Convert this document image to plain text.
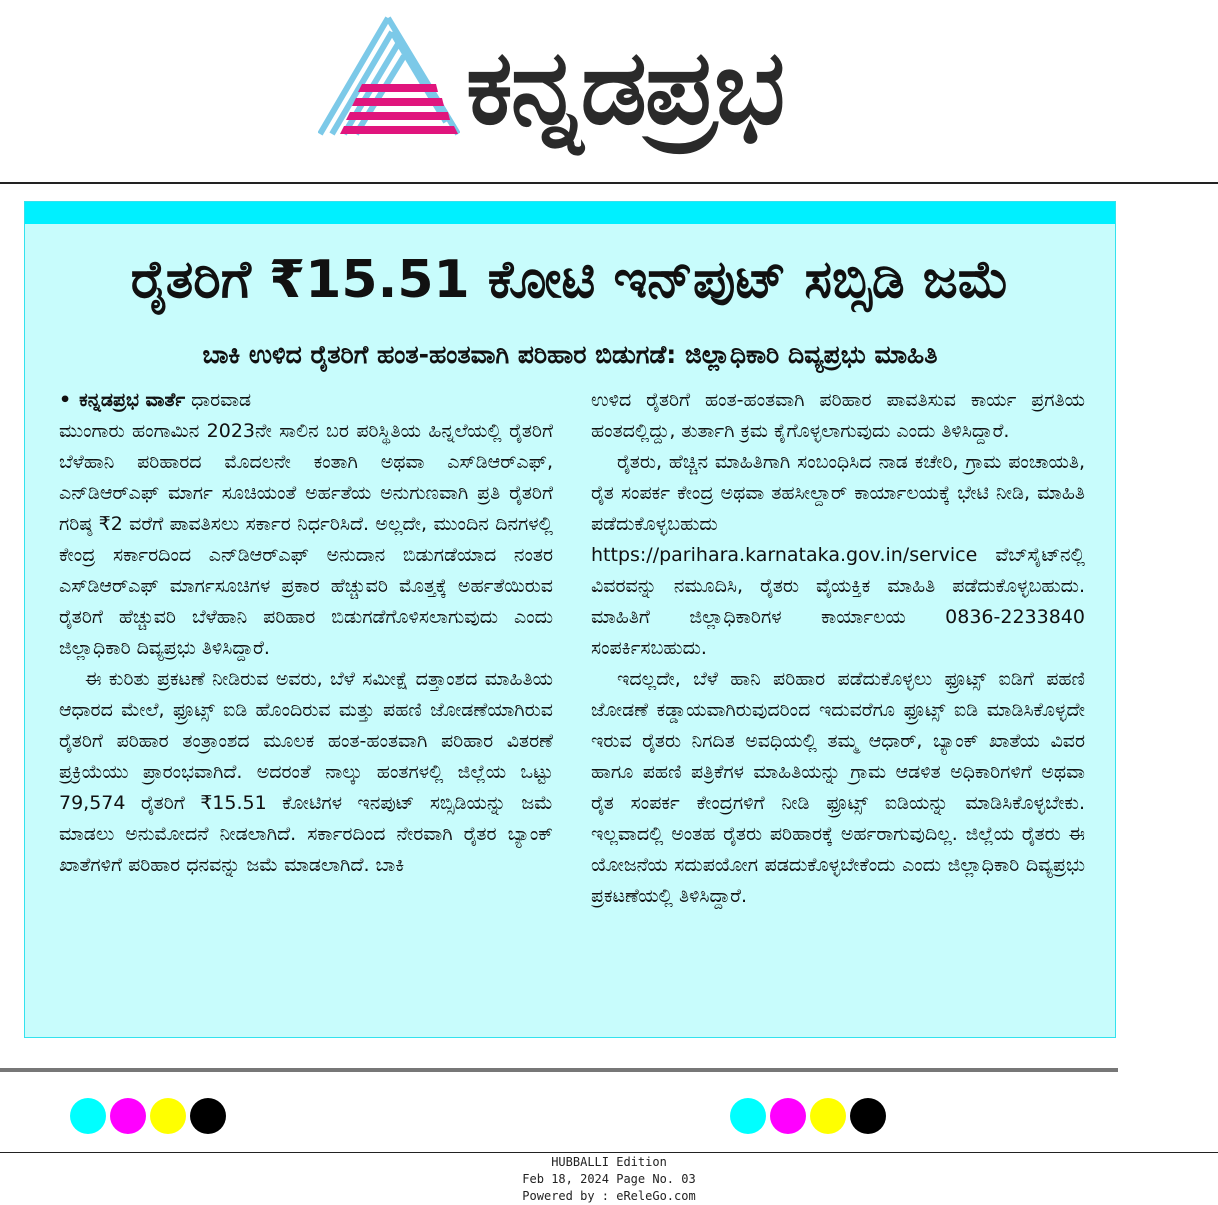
ಕನ್ನಡಪ್ರಭ
ರೈತರಿಗೆ ₹15.51 ಕೋಟಿ ಇನ್‌ಪುಟ್ ಸಬ್ಸಿಡಿ ಜಮೆ
ಬಾಕಿ ಉಳಿದ ರೈತರಿಗೆ ಹಂತ-ಹಂತವಾಗಿ ಪರಿಹಾರ ಬಿಡುಗಡೆ: ಜಿಲ್ಲಾಧಿಕಾರಿ ದಿವ್ಯಪ್ರಭು ಮಾಹಿತಿ
• ಕನ್ನಡಪ್ರಭ ವಾರ್ತೆ ಧಾರವಾಡ

ಮುಂಗಾರು ಹಂಗಾಮಿನ 2023ನೇ ಸಾಲಿನ ಬರ ಪರಿಸ್ಥಿತಿಯ ಹಿನ್ನಲೆಯಲ್ಲಿ ರೈತರಿಗೆ ಬೆಳೆಹಾನಿ ಪರಿಹಾರದ ಮೊದಲನೇ ಕಂತಾಗಿ ಅಥವಾ ಎಸ್‌ಡಿಆರ್‌ಎಫ್, ಎನ್‌ಡಿಆರ್‌ಎಫ್ ಮಾರ್ಗ ಸೂಚಿಯಂತೆ ಅರ್ಹತೆಯ ಅನುಗುಣವಾಗಿ ಪ್ರತಿ ರೈತರಿಗೆ ಗರಿಷ್ಠ ₹2 ವರೆಗೆ ಪಾವತಿಸಲು ಸರ್ಕಾರ ನಿರ್ಧರಿಸಿದೆ. ಅಲ್ಲದೇ, ಮುಂದಿನ ದಿನಗಳಲ್ಲಿ ಕೇಂದ್ರ ಸರ್ಕಾರದಿಂದ ಎನ್‌ಡಿಆರ್‌ಎಫ್ ಅನುದಾನ ಬಿಡುಗಡೆಯಾದ ನಂತರ ಎಸ್‌ಡಿಆರ್‌ಎಫ್ ಮಾರ್ಗಸೂಚಿಗಳ ಪ್ರಕಾರ ಹೆಚ್ಚುವರಿ ಮೊತ್ತಕ್ಕೆ ಅರ್ಹತೆಯಿರುವ ರೈತರಿಗೆ ಹೆಚ್ಚುವರಿ ಬೆಳೆಹಾನಿ ಪರಿಹಾರ ಬಿಡುಗಡೆಗೊಳಿಸಲಾಗುವುದು ಎಂದು ಜಿಲ್ಲಾಧಿಕಾರಿ ದಿವ್ಯಪ್ರಭು ತಿಳಿಸಿದ್ದಾರೆ.

ಈ ಕುರಿತು ಪ್ರಕಟಣೆ ನೀಡಿರುವ ಅವರು, ಬೆಳೆ ಸಮೀಕ್ಷೆ ದತ್ತಾಂಶದ ಮಾಹಿತಿಯ ಆಧಾರದ ಮೇಲೆ, ಫ್ರೂಟ್ಸ್ ಐಡಿ ಹೊಂದಿರುವ ಮತ್ತು ಪಹಣಿ ಜೋಡಣೆಯಾಗಿರುವ ರೈತರಿಗೆ ಪರಿಹಾರ ತಂತ್ರಾಂಶದ ಮೂಲಕ ಹಂತ-ಹಂತವಾಗಿ ಪರಿಹಾರ ವಿತರಣೆ ಪ್ರಕ್ರಿಯೆಯು ಪ್ರಾರಂಭವಾಗಿದೆ. ಅದರಂತೆ ನಾಲ್ಕು ಹಂತಗಳಲ್ಲಿ ಜಿಲ್ಲೆಯ ಒಟ್ಟು 79,574 ರೈತರಿಗೆ ₹15.51 ಕೋಟಿಗಳ ಇನಪುಟ್ ಸಬ್ಸಿಡಿಯನ್ನು ಜಮೆ ಮಾಡಲು ಅನುಮೋದನೆ ನೀಡಲಾಗಿದೆ. ಸರ್ಕಾರದಿಂದ ನೇರವಾಗಿ ರೈತರ ಬ್ಯಾಂಕ್ ಖಾತೆಗಳಿಗೆ ಪರಿಹಾರ ಧನವನ್ನು ಜಮೆ ಮಾಡಲಾಗಿದೆ. ಬಾಕಿ

ಉಳಿದ ರೈತರಿಗೆ ಹಂತ-ಹಂತವಾಗಿ ಪರಿಹಾರ ಪಾವತಿಸುವ ಕಾರ್ಯ ಪ್ರಗತಿಯ ಹಂತದಲ್ಲಿದ್ದು, ತುರ್ತಾಗಿ ಕ್ರಮ ಕೈಗೊಳ್ಳಲಾಗುವುದು ಎಂದು ತಿಳಿಸಿದ್ದಾರೆ.

ರೈತರು, ಹೆಚ್ಚಿನ ಮಾಹಿತಿಗಾಗಿ ಸಂಬಂಧಿಸಿದ ನಾಡ ಕಚೇರಿ, ಗ್ರಾಮ ಪಂಚಾಯತಿ, ರೈತ ಸಂಪರ್ಕ ಕೇಂದ್ರ ಅಥವಾ ತಹಸೀಲ್ದಾರ್ ಕಾರ್ಯಾಲಯಕ್ಕೆ ಭೇಟಿ ನೀಡಿ, ಮಾಹಿತಿ ಪಡೆದುಕೊಳ್ಳಬಹುದು https://parihara.karnataka.gov.in/service ವೆಬ್‌ಸೈಟ್‌ನಲ್ಲಿ ವಿವರವನ್ನು ನಮೂದಿಸಿ, ರೈತರು ವೈಯಕ್ತಿಕ ಮಾಹಿತಿ ಪಡೆದುಕೊಳ್ಳಬಹುದು. ಮಾಹಿತಿಗೆ ಜಿಲ್ಲಾಧಿಕಾರಿಗಳ ಕಾರ್ಯಾಲಯ 0836-2233840 ಸಂಪರ್ಕಿಸಬಹುದು.

ಇದಲ್ಲದೇ, ಬೆಳೆ ಹಾನಿ ಪರಿಹಾರ ಪಡೆದುಕೊಳ್ಳಲು ಫ್ರೂಟ್ಸ್ ಐಡಿಗೆ ಪಹಣಿ ಜೋಡಣೆ ಕಡ್ಡಾಯವಾಗಿರುವುದರಿಂದ ಇದುವರೆಗೂ ಫ್ರೂಟ್ಸ್ ಐಡಿ ಮಾಡಿಸಿಕೊಳ್ಳದೇ ಇರುವ ರೈತರು ನಿಗದಿತ ಅವಧಿಯಲ್ಲಿ ತಮ್ಮ ಆಧಾರ್, ಬ್ಯಾಂಕ್ ಖಾತೆಯ ವಿವರ ಹಾಗೂ ಪಹಣಿ ಪತ್ರಿಕೆಗಳ ಮಾಹಿತಿಯನ್ನು ಗ್ರಾಮ ಆಡಳಿತ ಅಧಿಕಾರಿಗಳಿಗೆ ಅಥವಾ ರೈತ ಸಂಪರ್ಕ ಕೇಂದ್ರಗಳಿಗೆ ನೀಡಿ ಫ್ರೂಟ್ಸ್ ಐಡಿಯನ್ನು ಮಾಡಿಸಿಕೊಳ್ಳಬೇಕು. ಇಲ್ಲವಾದಲ್ಲಿ ಅಂತಹ ರೈತರು ಪರಿಹಾರಕ್ಕೆ ಅರ್ಹರಾಗುವುದಿಲ್ಲ. ಜಿಲ್ಲೆಯ ರೈತರು ಈ ಯೋಜನೆಯ ಸದುಪಯೋಗ ಪಡದುಕೊಳ್ಳಬೇಕೆಂದು ಎಂದು ಜಿಲ್ಲಾಧಿಕಾರಿ ದಿವ್ಯಪ್ರಭು ಪ್ರಕಟಣೆಯಲ್ಲಿ ತಿಳಿಸಿದ್ದಾರೆ.

HUBBALLI Edition
Feb 18, 2024 Page No. 03
Powered by : eReleGo.com
